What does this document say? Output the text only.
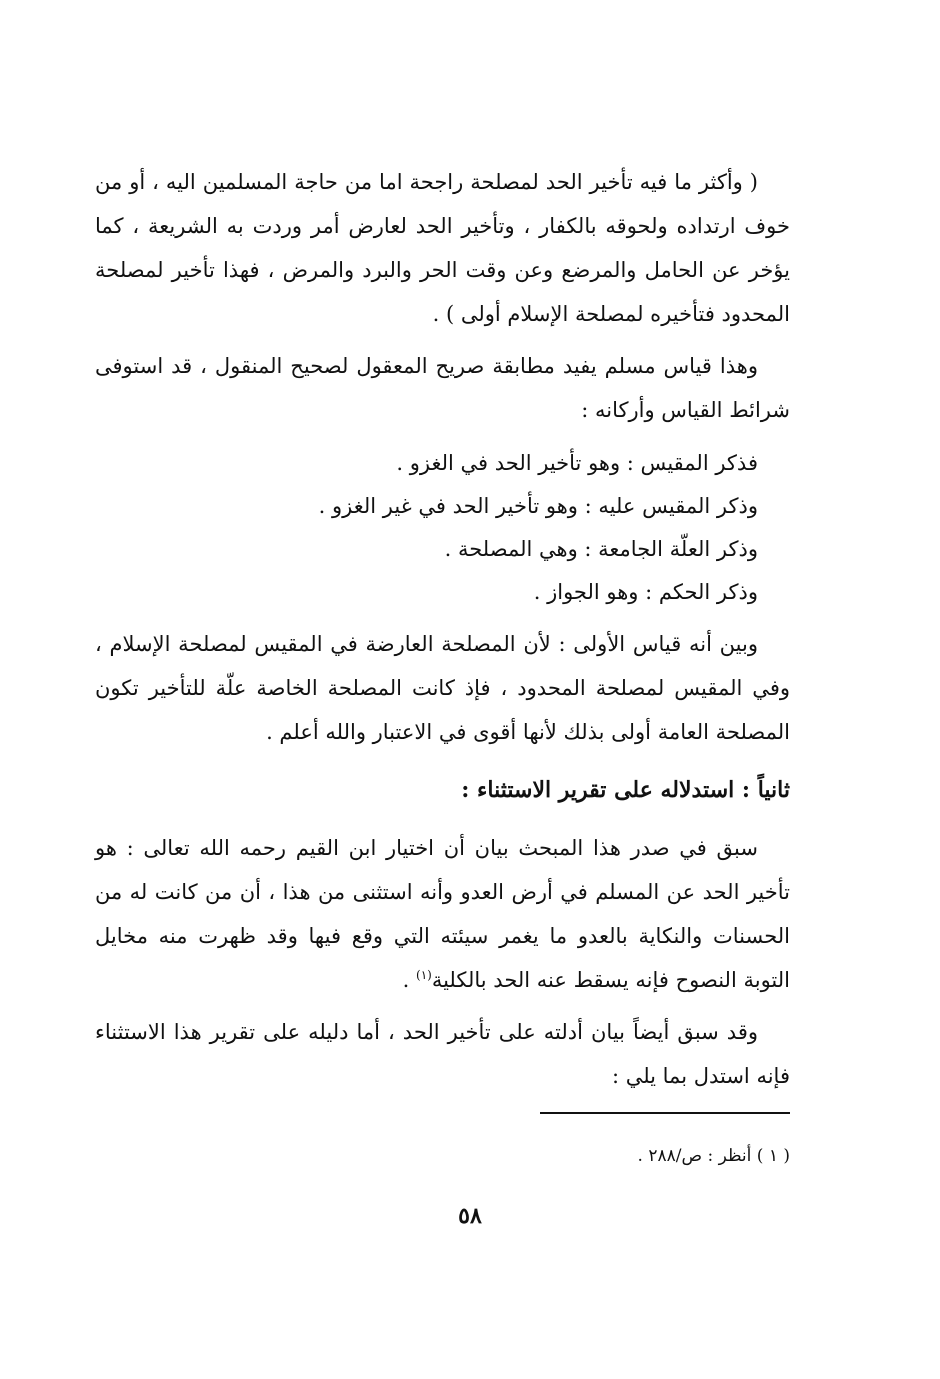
( وأكثر ما فيه تأخير الحد لمصلحة راجحة اما من حاجة المسلمين اليه ، أو من خوف ارتداده ولحوقه بالكفار ، وتأخير الحد لعارض أمر وردت به الشريعة ، كما يؤخر عن الحامل والمرضع وعن وقت الحر والبرد والمرض ، فهذا تأخير لمصلحة المحدود فتأخيره لمصلحة الإسلام أولى ) .

وهذا قياس مسلم يفيد مطابقة صريح المعقول لصحيح المنقول ، قد استوفى شرائط القياس وأركانه :

فذكر المقيس : وهو تأخير الحد في الغزو .
وذكر المقيس عليه : وهو تأخير الحد في غير الغزو .
وذكر العلّة الجامعة : وهي المصلحة .
وذكر الحكم : وهو الجواز .

وبين أنه قياس الأولى : لأن المصلحة العارضة في المقيس لمصلحة الإسلام ، وفي المقيس لمصلحة المحدود ، فإذ كانت المصلحة الخاصة علّة للتأخير تكون المصلحة العامة أولى بذلك لأنها أقوى في الاعتبار والله أعلم .

ثانياً : استدلاله على تقرير الاستثناء :

سبق في صدر هذا المبحث بيان أن اختيار ابن القيم رحمه الله تعالى : هو تأخير الحد عن المسلم في أرض العدو وأنه استثنى من هذا ، أن من كانت له من الحسنات والنكاية بالعدو ما يغمر سيئته التي وقع فيها وقد ظهرت منه مخايل التوبة النصوح فإنه يسقط عنه الحد بالكلية$^{(١)}$ .

وقد سبق أيضاً بيان أدلته على تأخير الحد ، أما دليله على تقرير هذا الاستثناء فإنه استدل بما يلي :

( ١ ) أنظر : ص/٢٨٨ .
٥٨
